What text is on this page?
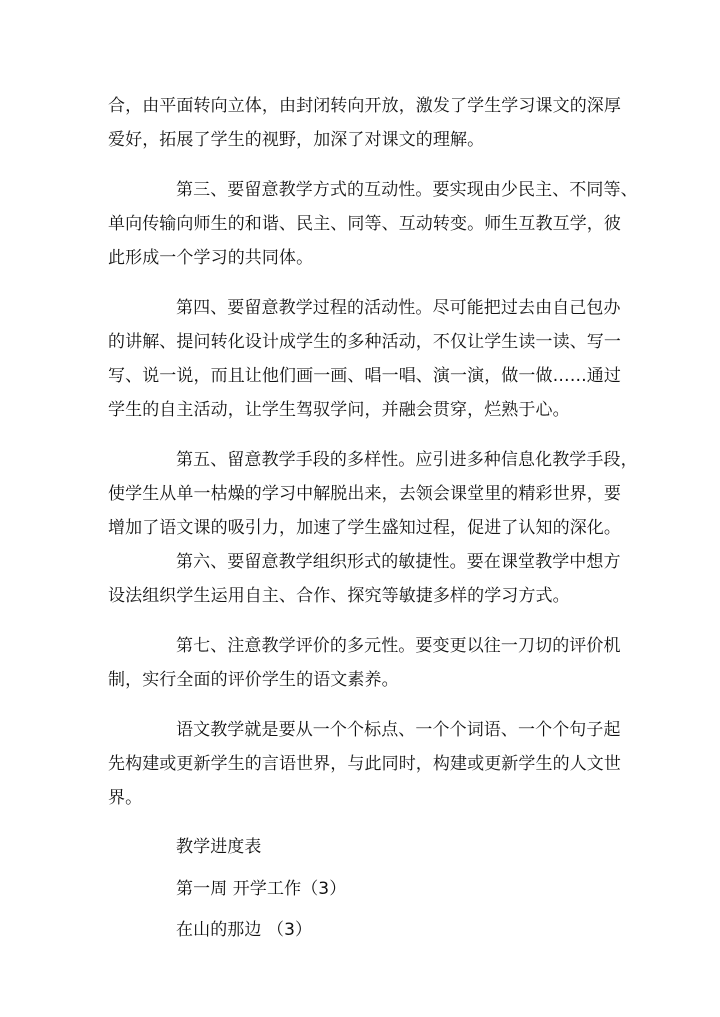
合，由平面转向立体，由封闭转向开放，激发了学生学习课文的深厚
爱好，拓展了学生的视野，加深了对课文的理解。
第三、要留意教学方式的互动性。要实现由少民主、不同等、
单向传输向师生的和谐、民主、同等、互动转变。师生互教互学，彼
此形成一个学习的共同体。
第四、要留意教学过程的活动性。尽可能把过去由自己包办
的讲解、提问转化设计成学生的多种活动，不仅让学生读一读、写一
写、说一说，而且让他们画一画、唱一唱、演一演，做一做……通过
学生的自主活动，让学生驾驭学问，并融会贯穿，烂熟于心。
第五、留意教学手段的多样性。应引进多种信息化教学手段，
使学生从单一枯燥的学习中解脱出来，去领会课堂里的精彩世界，要
增加了语文课的吸引力，加速了学生盛知过程，促进了认知的深化。
第六、要留意教学组织形式的敏捷性。要在课堂教学中想方
设法组织学生运用自主、合作、探究等敏捷多样的学习方式。
第七、注意教学评价的多元性。要变更以往一刀切的评价机
制，实行全面的评价学生的语文素养。
语文教学就是要从一个个标点、一个个词语、一个个句子起
先构建或更新学生的言语世界，与此同时，构建或更新学生的人文世
界。
教学进度表
第一周 开学工作（3）
在山的那边 （3）
